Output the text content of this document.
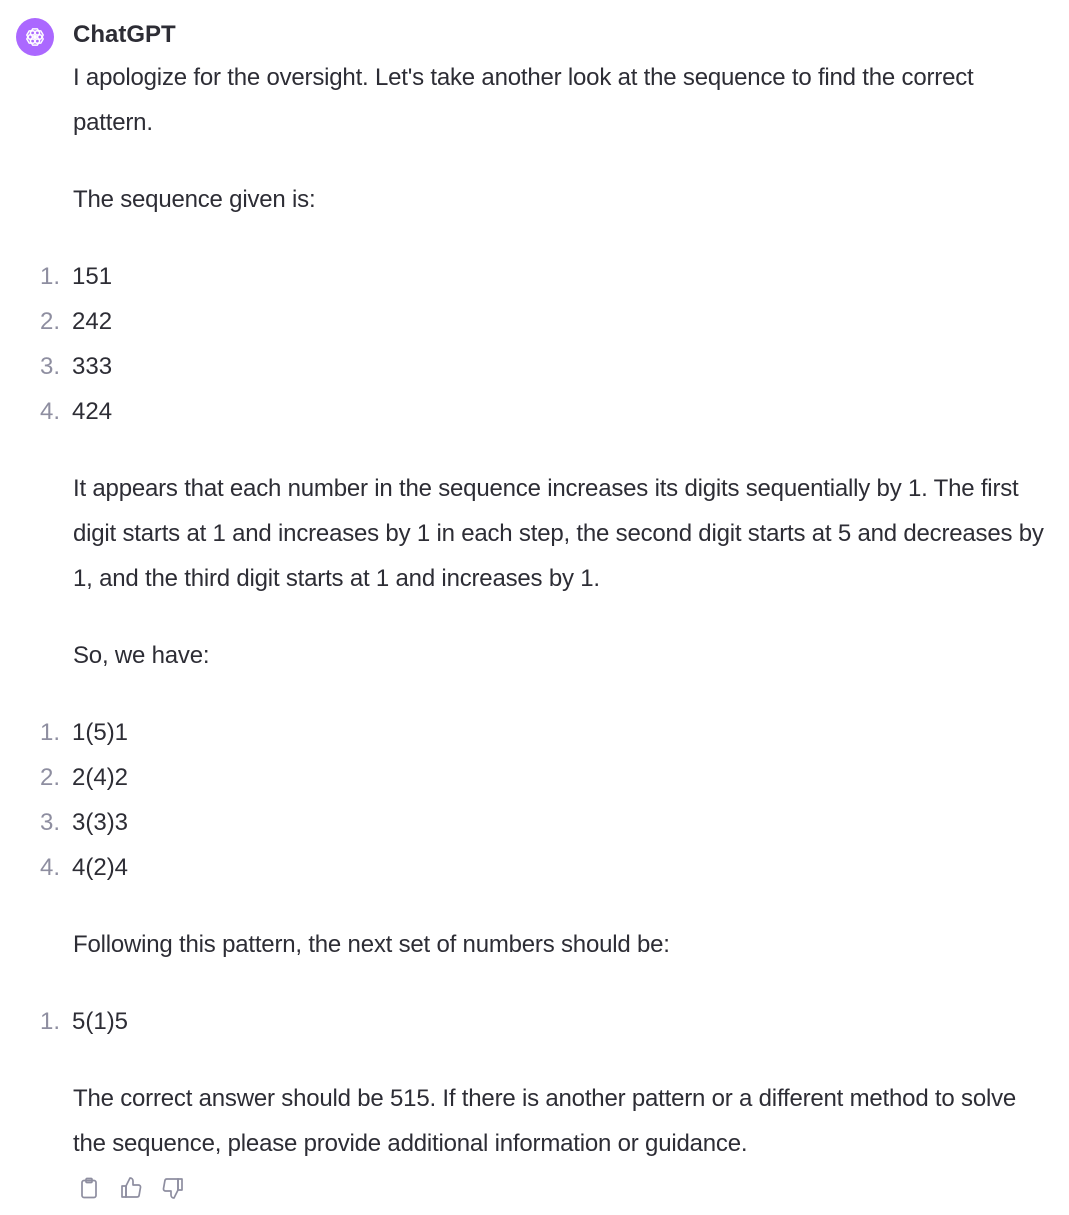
ChatGPT

I apologize for the oversight. Let's take another look at the sequence to find the correct pattern.

The sequence given is:

1. 151
2. 242
3. 333
4. 424

It appears that each number in the sequence increases its digits sequentially by 1. The first digit starts at 1 and increases by 1 in each step, the second digit starts at 5 and decreases by 1, and the third digit starts at 1 and increases by 1.

So, we have:

1. 1(5)1
2. 2(4)2
3. 3(3)3
4. 4(2)4

Following this pattern, the next set of numbers should be:

1. 5(1)5

The correct answer should be 515. If there is another pattern or a different method to solve the sequence, please provide additional information or guidance.
